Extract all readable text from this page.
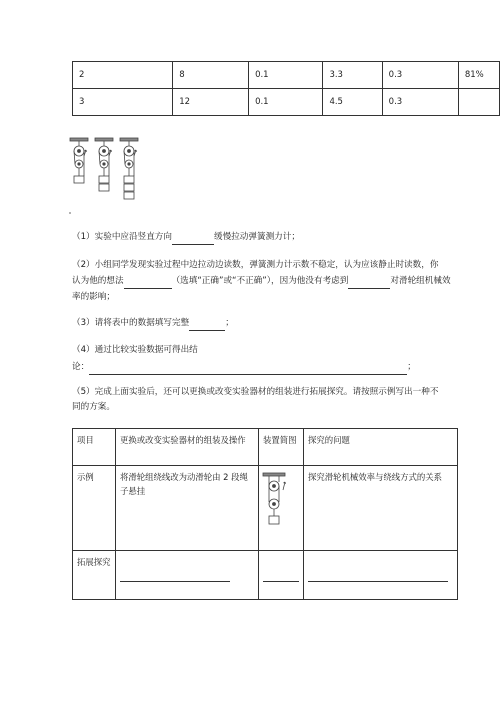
2	8	0.1	3.3	0.3	81%
3	12	0.1	4.5	0.3	
（1）实验中应沿竖直方向	缓慢拉动弹簧测力计；
（2）小组同学发现实验过程中边拉动边读数，弹簧测力计示数不稳定，认为应该静止时读数，你
认为他的想法	（选填“正确”或“不正确”），因为他没有考虑到	对滑轮组机械效
率的影响；
（3）请将表中的数据填写完整	；
（4）通过比较实验数据可得出结
论：	；
（5）完成上面实验后，还可以更换或改变实验器材的组装进行拓展探究。请按照示例写出一种不
同的方案。
项目	更换或改变实验器材的组装及操作	装置简图	探究的问题
示例	将滑轮组绕线改为动滑轮由 2 段绳子悬挂		探究滑轮机械效率与绕线方式的关系
拓展探究			
